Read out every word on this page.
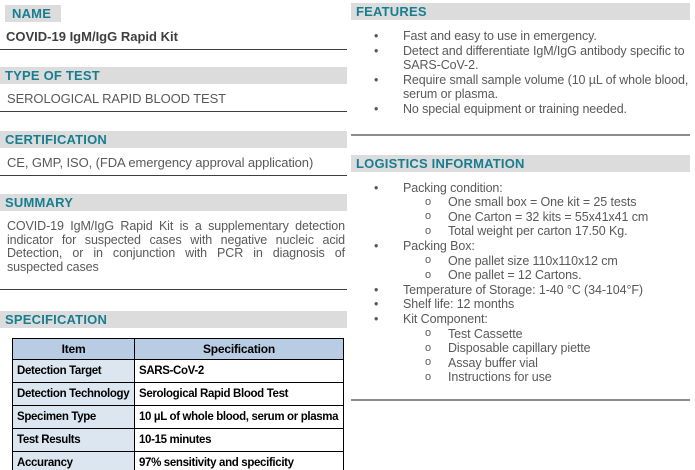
NAME
COVID-19 IgM/IgG Rapid Kit
TYPE OF TEST
SEROLOGICAL RAPID BLOOD TEST
CERTIFICATION
CE, GMP, ISO, (FDA emergency approval application)
SUMMARY
COVID-19 IgM/IgG Rapid Kit is a supplementary detection indicator for suspected cases with negative nucleic acid Detection, or in conjunction with PCR in diagnosis of suspected cases
SPECIFICATION
Item	Specification
Detection Target	SARS-CoV-2
Detection Technology	Serological Rapid Blood Test
Specimen Type	10 µL of whole blood, serum or plasma
Test Results	10-15 minutes
Accurancy	97% sensitivity and specificity
FEATURES
• Fast and easy to use in emergency.
• Detect and differentiate IgM/IgG antibody specific to SARS-CoV-2.
• Require small sample volume (10 µL of whole blood, serum or plasma.
• No special equipment or training needed.
LOGISTICS INFORMATION
• Packing condition:
o One small box = One kit = 25 tests
o One Carton = 32 kits = 55x41x41 cm
o Total weight per carton 17.50 Kg.
• Packing Box:
o One pallet size 110x110x12 cm
o One pallet = 12 Cartons.
• Temperature of Storage: 1-40 °C (34-104°F)
• Shelf life: 12 months
• Kit Component:
o Test Cassette
o Disposable capillary piette
o Assay buffer vial
o Instructions for use
